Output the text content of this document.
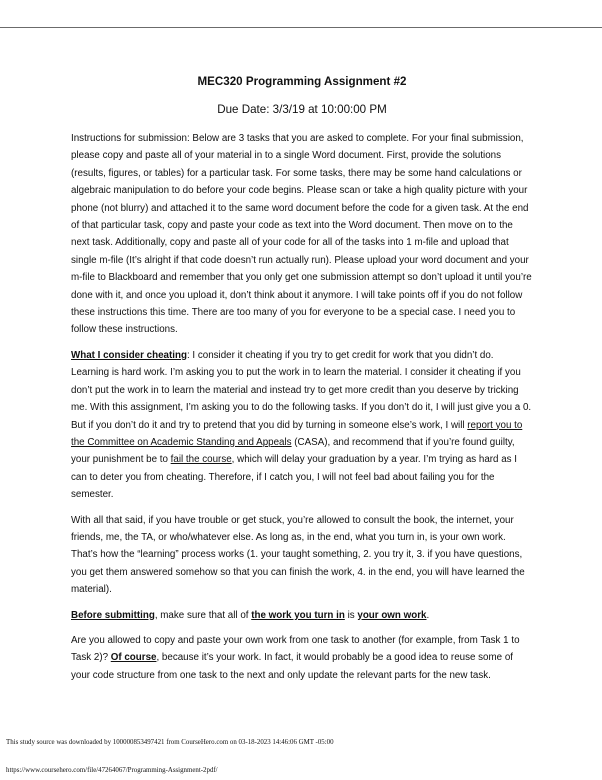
MEC320 Programming Assignment #2

Due Date: 3/3/19 at 10:00:00 PM

Instructions for submission: Below are 3 tasks that you are asked to complete. For your final submission, please copy and paste all of your material in to a single Word document. First, provide the solutions (results, figures, or tables) for a particular task. For some tasks, there may be some hand calculations or algebraic manipulation to do before your code begins. Please scan or take a high quality picture with your phone (not blurry) and attached it to the same word document before the code for a given task. At the end of that particular task, copy and paste your code as text into the Word document. Then move on to the next task. Additionally, copy and paste all of your code for all of the tasks into 1 m-file and upload that single m-file (It’s alright if that code doesn’t run actually run). Please upload your word document and your m-file to Blackboard and remember that you only get one submission attempt so don’t upload it until you’re done with it, and once you upload it, don’t think about it anymore. I will take points off if you do not follow these instructions this time. There are too many of you for everyone to be a special case. I need you to follow these instructions.

What I consider cheating: I consider it cheating if you try to get credit for work that you didn’t do. Learning is hard work. I’m asking you to put the work in to learn the material. I consider it cheating if you don’t put the work in to learn the material and instead try to get more credit than you deserve by tricking me. With this assignment, I’m asking you to do the following tasks. If you don’t do it, I will just give you a 0. But if you don’t do it and try to pretend that you did by turning in someone else’s work, I will report you to the Committee on Academic Standing and Appeals (CASA), and recommend that if you’re found guilty, your punishment be to fail the course, which will delay your graduation by a year. I’m trying as hard as I can to deter you from cheating. Therefore, if I catch you, I will not feel bad about failing you for the semester.

With all that said, if you have trouble or get stuck, you’re allowed to consult the book, the internet, your friends, me, the TA, or who/whatever else. As long as, in the end, what you turn in, is your own work. That’s how the “learning” process works (1. your taught something, 2. you try it, 3. if you have questions, you get them answered somehow so that you can finish the work, 4. in the end, you will have learned the material).

Before submitting, make sure that all of the work you turn in is your own work.

Are you allowed to copy and paste your own work from one task to another (for example, from Task 1 to Task 2)? Of course, because it’s your work. In fact, it would probably be a good idea to reuse some of your code structure from one task to the next and only update the relevant parts for the new task.

This study source was downloaded by 100000853497421 from CourseHero.com on 03-18-2023 14:46:06 GMT -05:00
https://www.coursehero.com/file/47264067/Programming-Assignment-2pdf/
